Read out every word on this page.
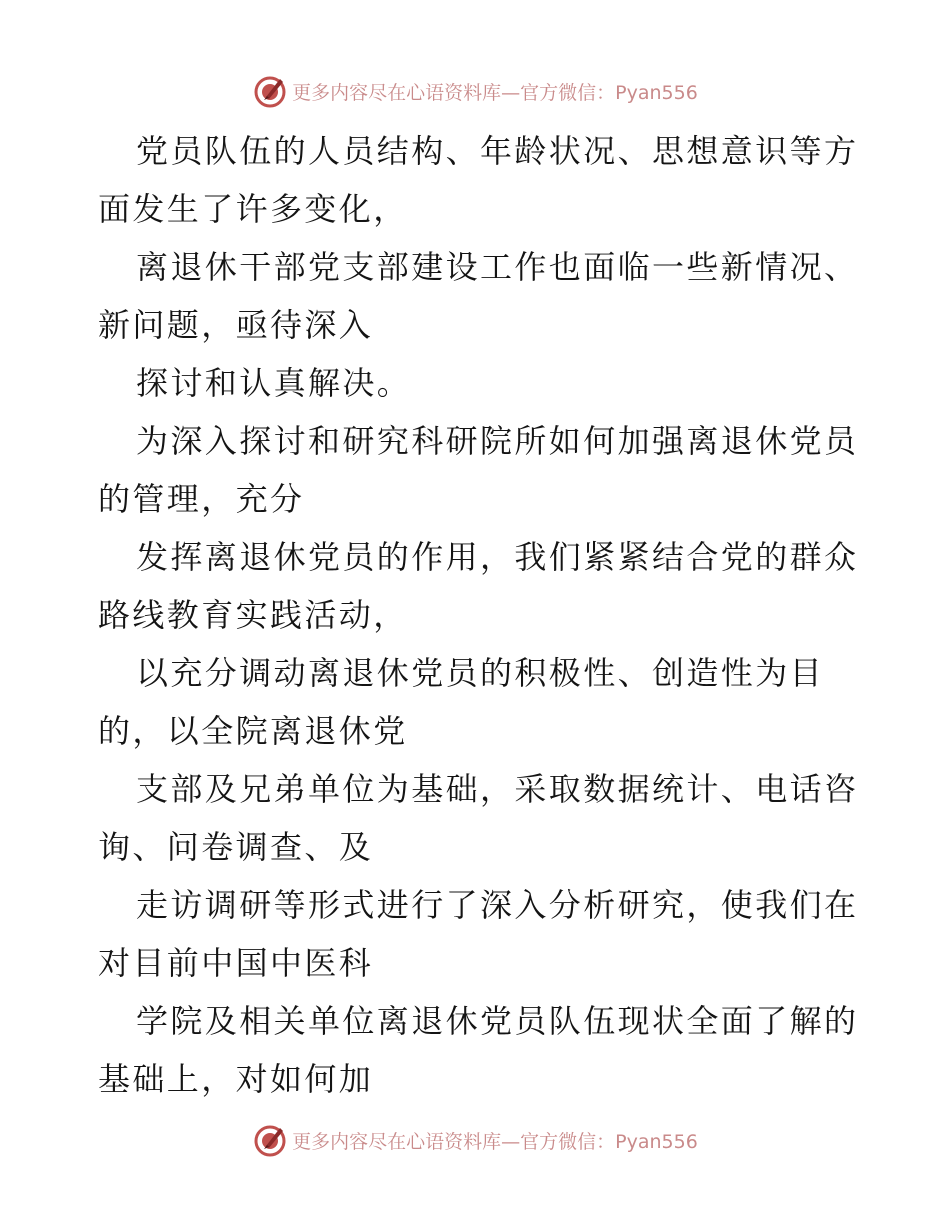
更多内容尽在心语资料库—官方微信：Pyan556
党员队伍的人员结构、年龄状况、思想意识等方
面发生了许多变化，
离退休干部党支部建设工作也面临一些新情况、
新问题，亟待深入
探讨和认真解决。
为深入探讨和研究科研院所如何加强离退休党员
的管理，充分
发挥离退休党员的作用，我们紧紧结合党的群众
路线教育实践活动，
以充分调动离退休党员的积极性、创造性为目
的，以全院离退休党
支部及兄弟单位为基础，采取数据统计、电话咨
询、问卷调查、及
走访调研等形式进行了深入分析研究，使我们在
对目前中国中医科
学院及相关单位离退休党员队伍现状全面了解的
基础上，对如何加
更多内容尽在心语资料库—官方微信：Pyan556
